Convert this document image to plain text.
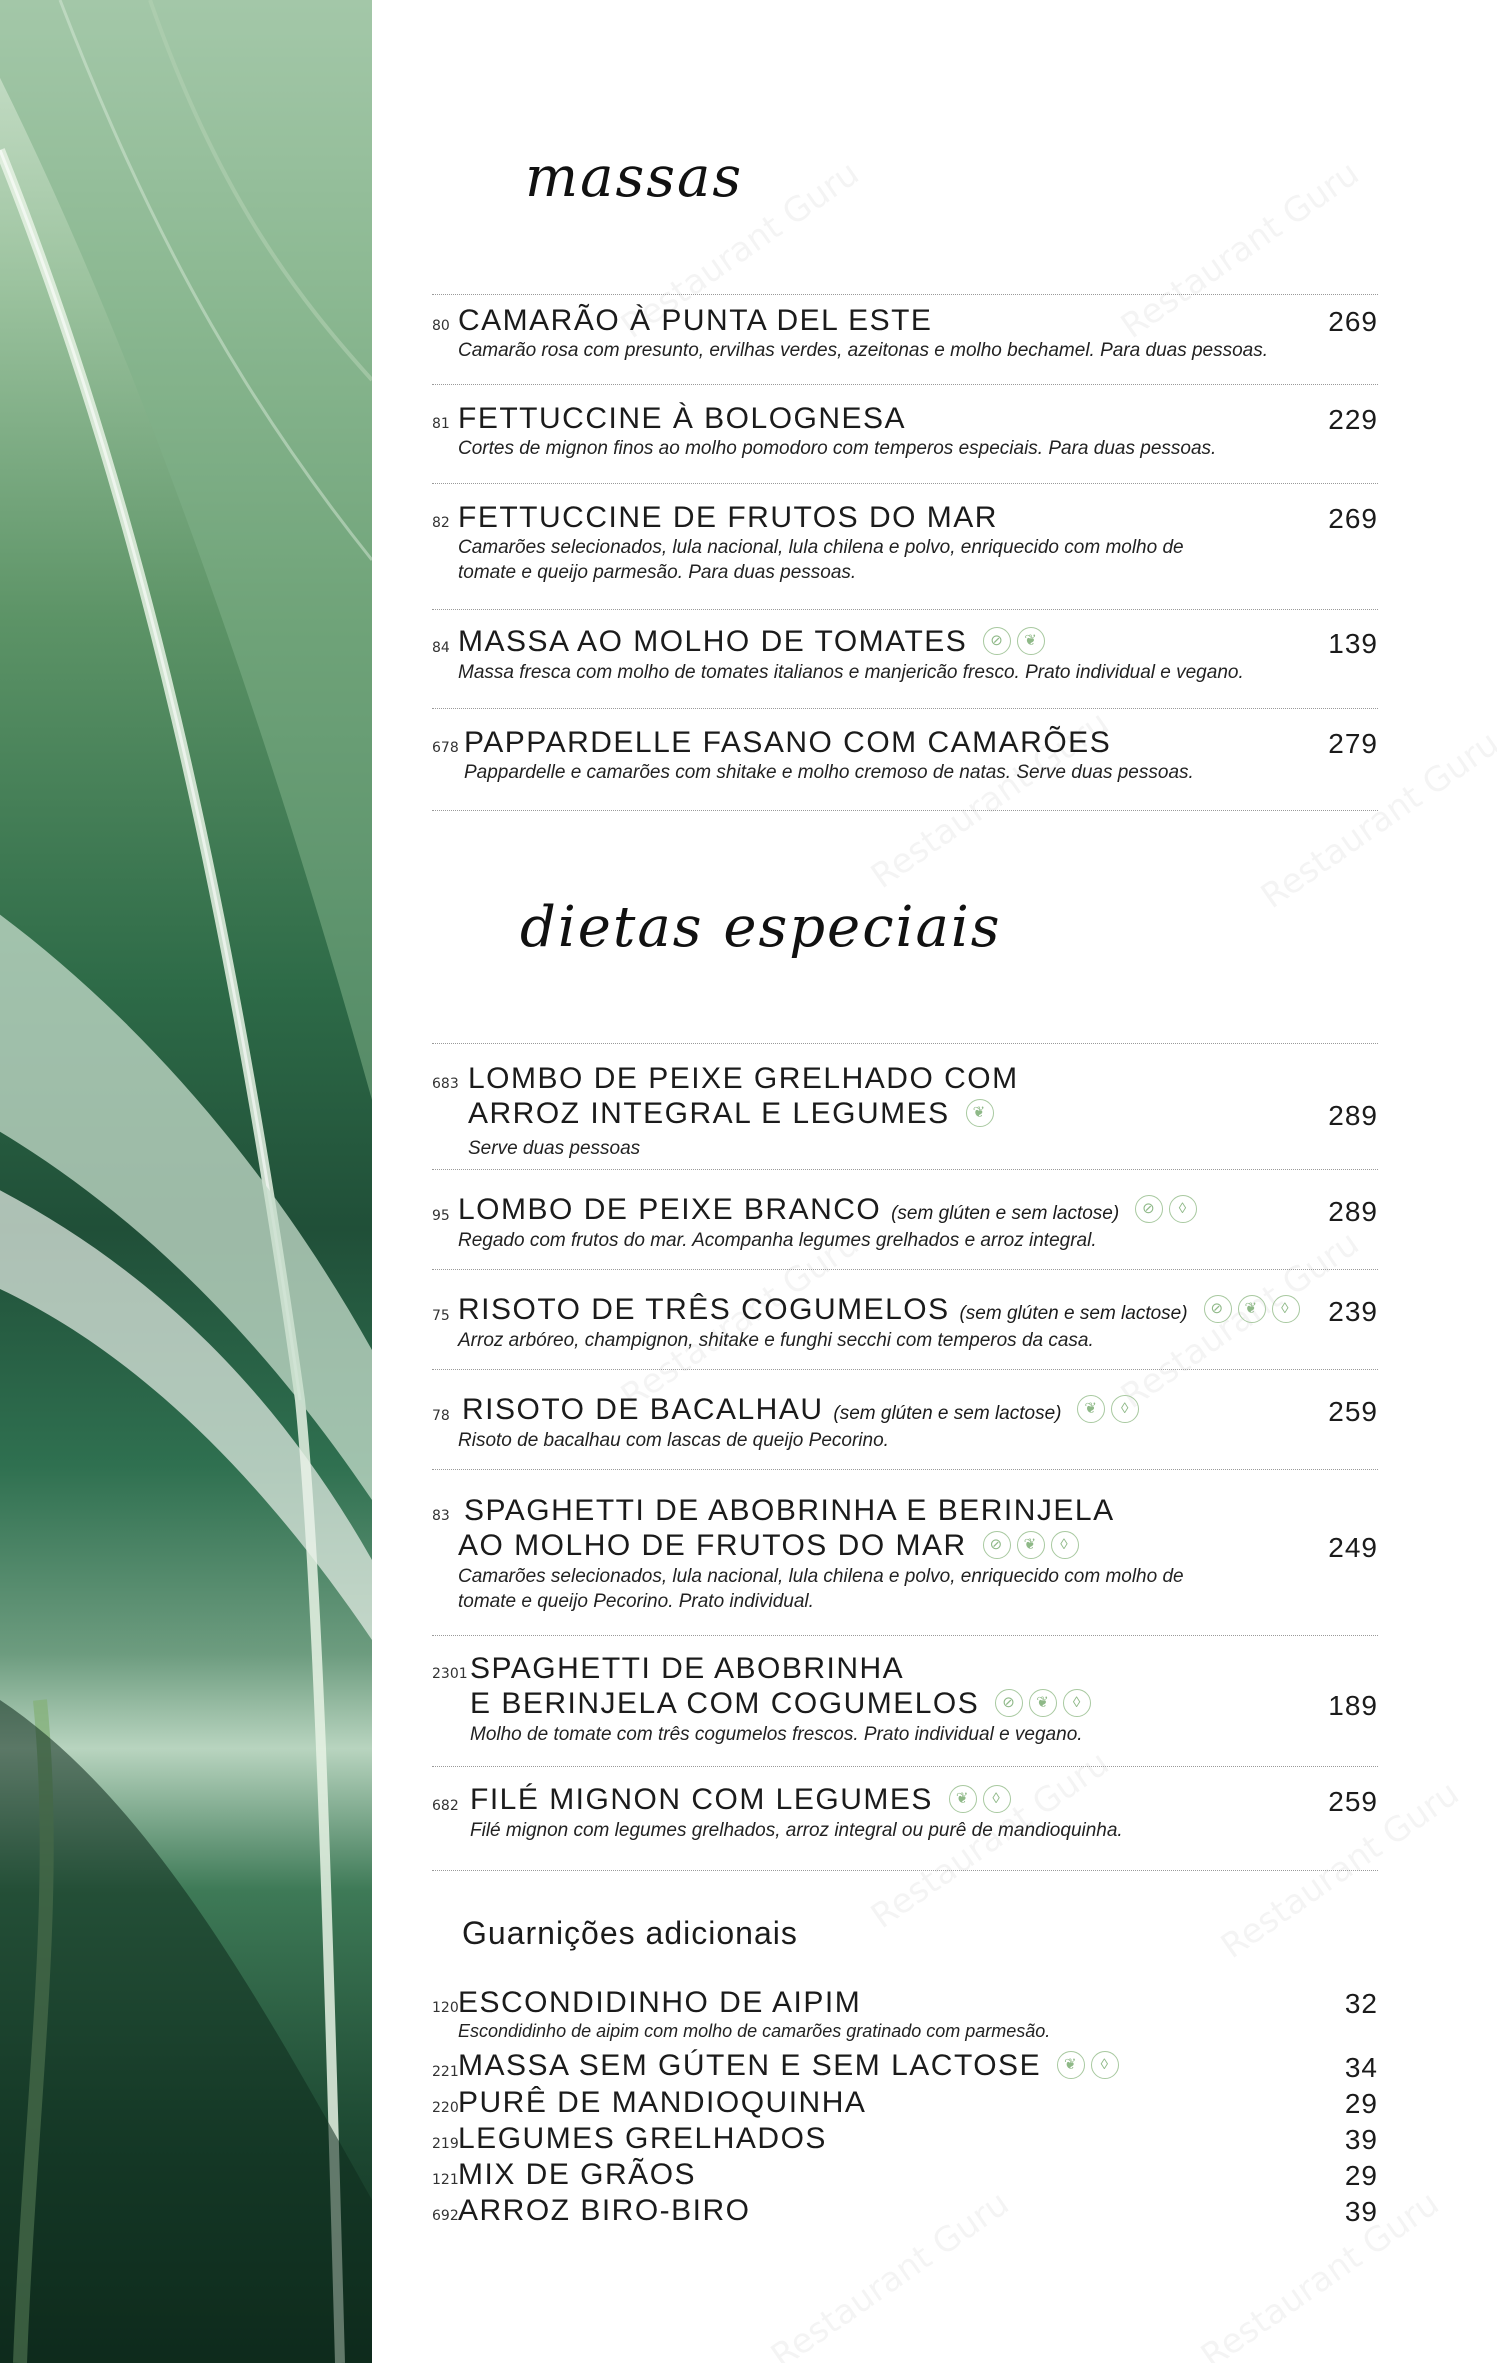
massas
80 CAMARÃO À PUNTA DEL ESTE	269
Camarão rosa com presunto, ervilhas verdes, azeitonas e molho bechamel. Para duas pessoas.
81 FETTUCCINE À BOLOGNESA	229
Cortes de mignon finos ao molho pomodoro com temperos especiais. Para duas pessoas.
82 FETTUCCINE DE FRUTOS DO MAR	269
Camarões selecionados, lula nacional, lula chilena e polvo, enriquecido com molho de tomate e queijo parmesão. Para duas pessoas.
84 MASSA AO MOLHO DE TOMATES ⊘ ❦	139
Massa fresca com molho de tomates italianos e manjericão fresco. Prato individual e vegano.
678 PAPPARDELLE FASANO COM CAMARÕES	279
Pappardelle e camarões com shitake e molho cremoso de natas. Serve duas pessoas.
dietas especiais
683 LOMBO DE PEIXE GRELHADO COM
ARROZ INTEGRAL E LEGUMES ❦	289
Serve duas pessoas
95 LOMBO DE PEIXE BRANCO (sem glúten e sem lactose) ⊘ ◊	289
Regado com frutos do mar. Acompanha legumes grelhados e arroz integral.
75 RISOTO DE TRÊS COGUMELOS (sem glúten e sem lactose) ⊘ ❦ ◊	239
Arroz arbóreo, champignon, shitake e funghi secchi com temperos da casa.
78 RISOTO DE BACALHAU (sem glúten e sem lactose) ❦ ◊	259
Risoto de bacalhau com lascas de queijo Pecorino.
83 SPAGHETTI DE ABOBRINHA E BERINJELA
AO MOLHO DE FRUTOS DO MAR ⊘ ❦ ◊	249
Camarões selecionados, lula nacional, lula chilena e polvo, enriquecido com molho de tomate e queijo Pecorino. Prato individual.
2301 SPAGHETTI DE ABOBRINHA
E BERINJELA COM COGUMELOS ⊘ ❦ ◊	189
Molho de tomate com três cogumelos frescos. Prato individual e vegano.
682 FILÉ MIGNON COM LEGUMES ❦ ◊	259
Filé mignon com legumes grelhados, arroz integral ou purê de mandioquinha.
Guarnições adicionais
120 ESCONDIDINHO DE AIPIM	32
Escondidinho de aipim com molho de camarões gratinado com parmesão.
221 MASSA SEM GÚTEN E SEM LACTOSE ❦ ◊	34
220 PURÊ DE MANDIOQUINHA	29
219 LEGUMES GRELHADOS	39
121 MIX DE GRÃOS	29
692 ARROZ BIRO-BIRO	39
